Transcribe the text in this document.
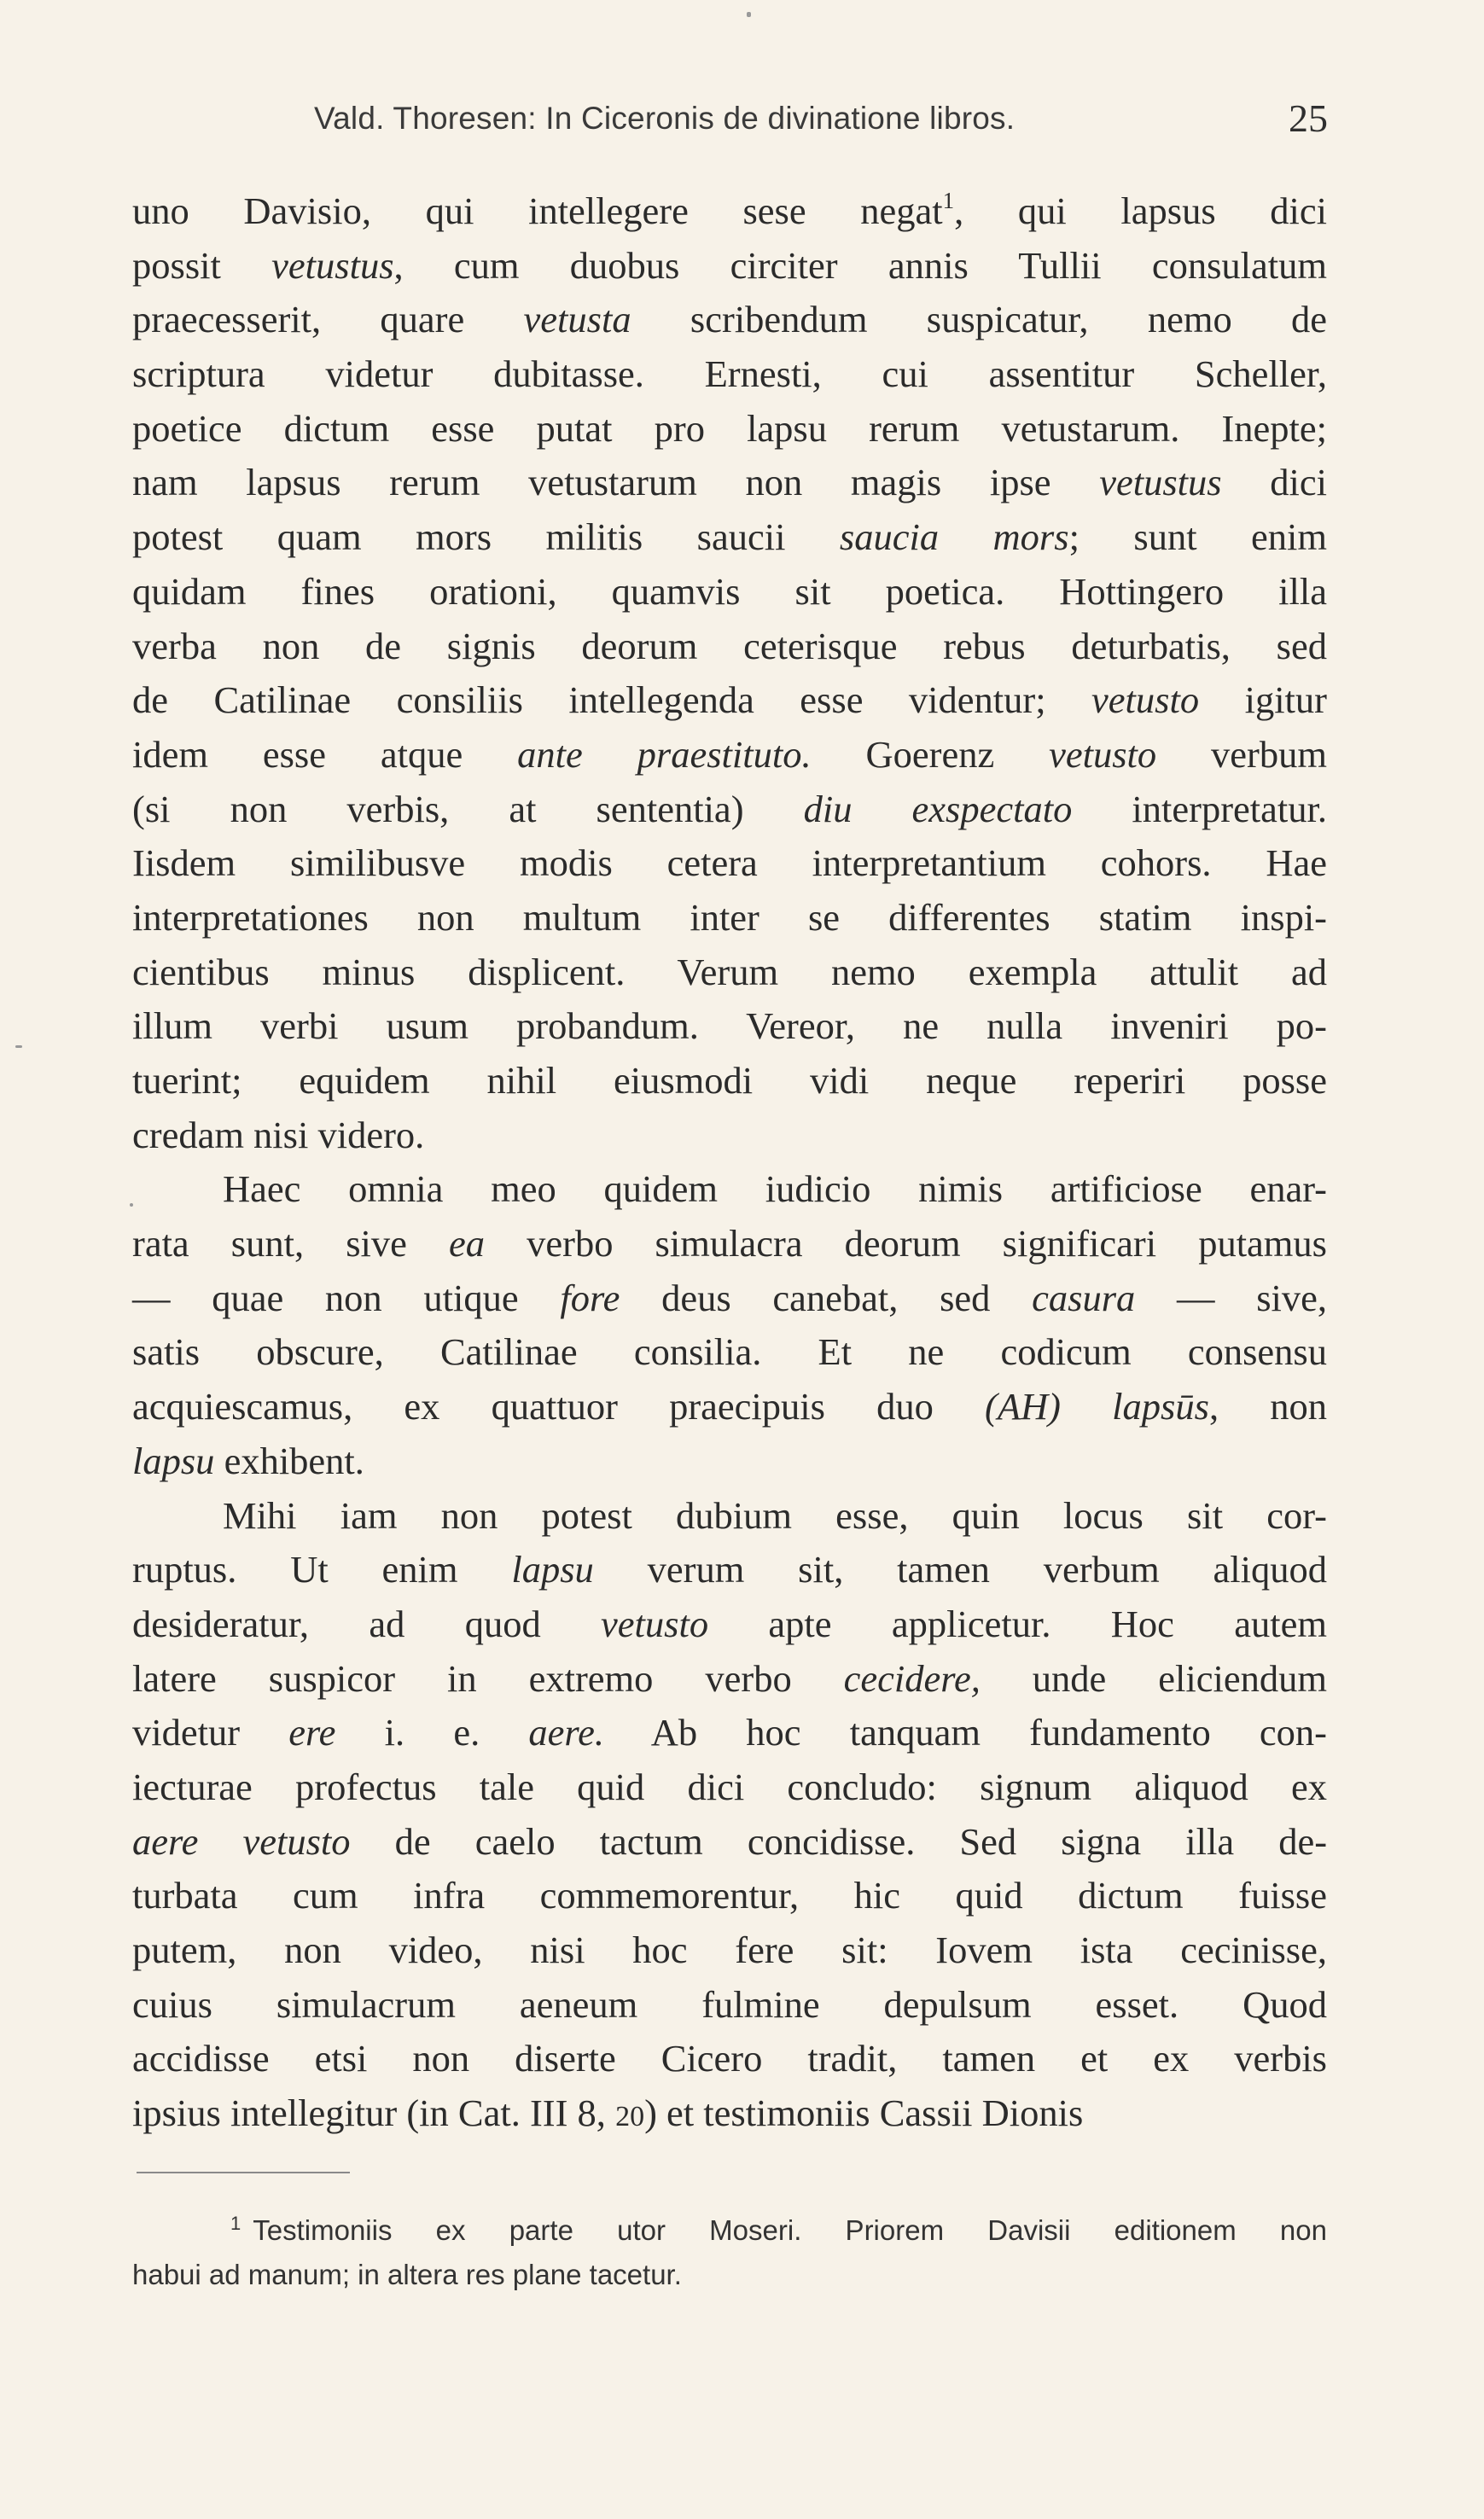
Vald. Thoresen: In Ciceronis de divinatione libros.	25
uno Davisio, qui intellegere sese negat$^1$, qui lapsus dici
possit vetustus, cum duobus circiter annis Tullii consulatum
praecesserit, quare vetusta scribendum suspicatur, nemo de
scriptura videtur dubitasse. Ernesti, cui assentitur Scheller,
poetice dictum esse putat pro lapsu rerum vetustarum. Inepte;
nam lapsus rerum vetustarum non magis ipse vetustus dici
potest quam mors militis saucii saucia mors; sunt enim
quidam fines orationi, quamvis sit poetica. Hottingero illa
verba non de signis deorum ceterisque rebus deturbatis, sed
de Catilinae consiliis intellegenda esse videntur; vetusto igitur
idem esse atque ante praestituto. Goerenz vetusto verbum
(si non verbis, at sententia) diu exspectato interpretatur.
Iisdem similibusve modis cetera interpretantium cohors. Hae
interpretationes non multum inter se differentes statim inspi-
cientibus minus displicent. Verum nemo exempla attulit ad
illum verbi usum probandum. Vereor, ne nulla inveniri po-
tuerint; equidem nihil eiusmodi vidi neque reperiri posse
credam nisi videro.
Haec omnia meo quidem iudicio nimis artificiose enar-
rata sunt, sive ea verbo simulacra deorum significari putamus
— quae non utique fore deus canebat, sed casura — sive,
satis obscure, Catilinae consilia. Et ne codicum consensu
acquiescamus, ex quattuor praecipuis duo (AH) lapsūs, non
lapsu exhibent.
Mihi iam non potest dubium esse, quin locus sit cor-
ruptus. Ut enim lapsu verum sit, tamen verbum aliquod
desideratur, ad quod vetusto apte applicetur. Hoc autem
latere suspicor in extremo verbo cecidere, unde eliciendum
videtur ere i. e. aere. Ab hoc tanquam fundamento con-
iecturae profectus tale quid dici concludo: signum aliquod ex
aere vetusto de caelo tactum concidisse. Sed signa illa de-
turbata cum infra commemorentur, hic quid dictum fuisse
putem, non video, nisi hoc fere sit: Iovem ista cecinisse,
cuius simulacrum aeneum fulmine depulsum esset. Quod
accidisse etsi non diserte Cicero tradit, tamen et ex verbis
ipsius intellegitur (in Cat. III 8, 20) et testimoniis Cassii Dionis
$^1$ Testimoniis ex parte utor Moseri. Priorem Davisii editionem non
habui ad manum; in altera res plane tacetur.
